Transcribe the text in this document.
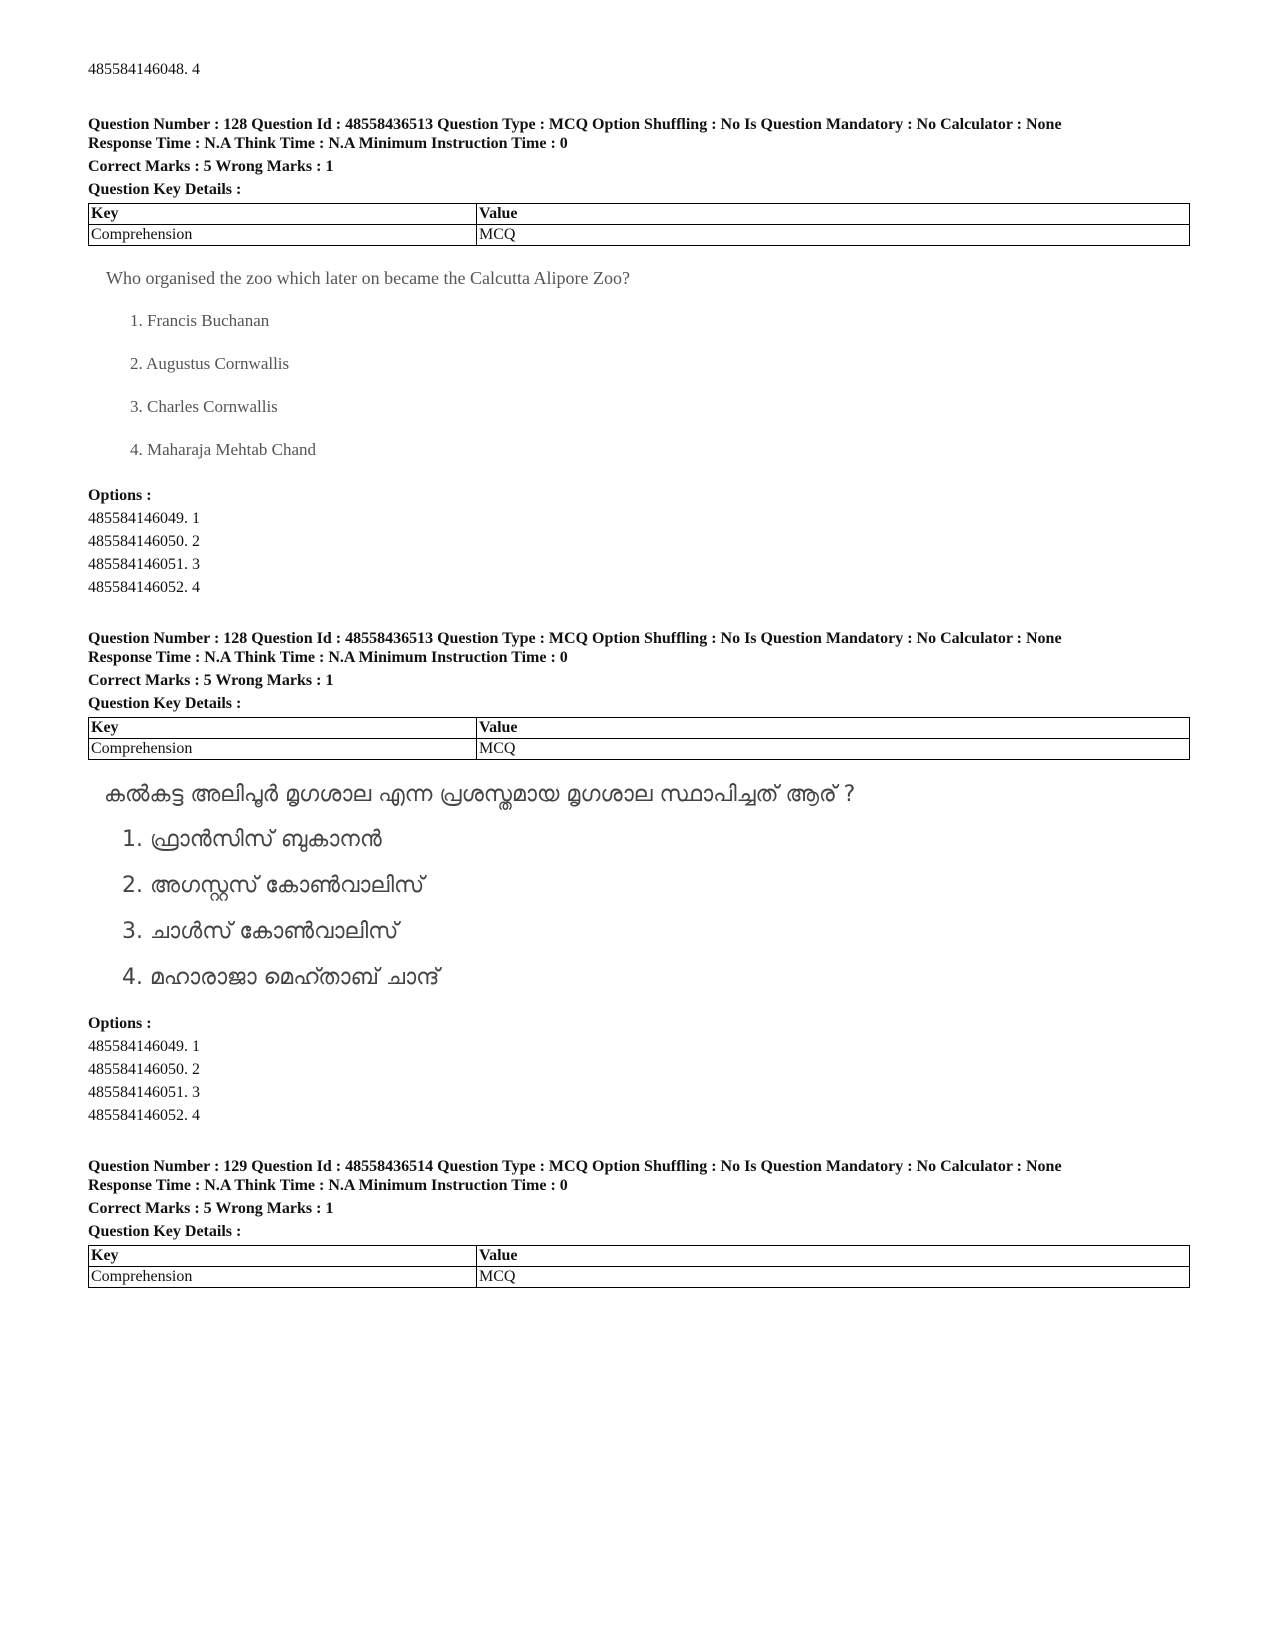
485584146048. 4
Question Number : 128 Question Id : 48558436513 Question Type : MCQ Option Shuffling : No Is Question Mandatory : No Calculator : None
Response Time : N.A Think Time : N.A Minimum Instruction Time : 0
Correct Marks : 5 Wrong Marks : 1
Question Key Details :
Key	Value
Comprehension	MCQ
Who organised the zoo which later on became the Calcutta Alipore Zoo?
1. Francis Buchanan
2. Augustus Cornwallis
3. Charles Cornwallis
4. Maharaja Mehtab Chand
Options :
485584146049. 1
485584146050. 2
485584146051. 3
485584146052. 4
Question Number : 128 Question Id : 48558436513 Question Type : MCQ Option Shuffling : No Is Question Mandatory : No Calculator : None
Response Time : N.A Think Time : N.A Minimum Instruction Time : 0
Correct Marks : 5 Wrong Marks : 1
Question Key Details :
Key	Value
Comprehension	MCQ
കൽകട്ട അലിപൂർ മൃഗശാല എന്ന പ്രശസ്തമായ മൃഗശാല സ്ഥാപിച്ചത് ആര് ?
1. ഫ്രാൻസിസ് ബുകാനൻ
2. അഗസ്റ്റസ് കോൺവാലിസ്
3. ചാൾസ് കോൺവാലിസ്
4. മഹാരാജാ മെഹ്താബ് ചാന്ദ്
Options :
485584146049. 1
485584146050. 2
485584146051. 3
485584146052. 4
Question Number : 129 Question Id : 48558436514 Question Type : MCQ Option Shuffling : No Is Question Mandatory : No Calculator : None
Response Time : N.A Think Time : N.A Minimum Instruction Time : 0
Correct Marks : 5 Wrong Marks : 1
Question Key Details :
Key	Value
Comprehension	MCQ
